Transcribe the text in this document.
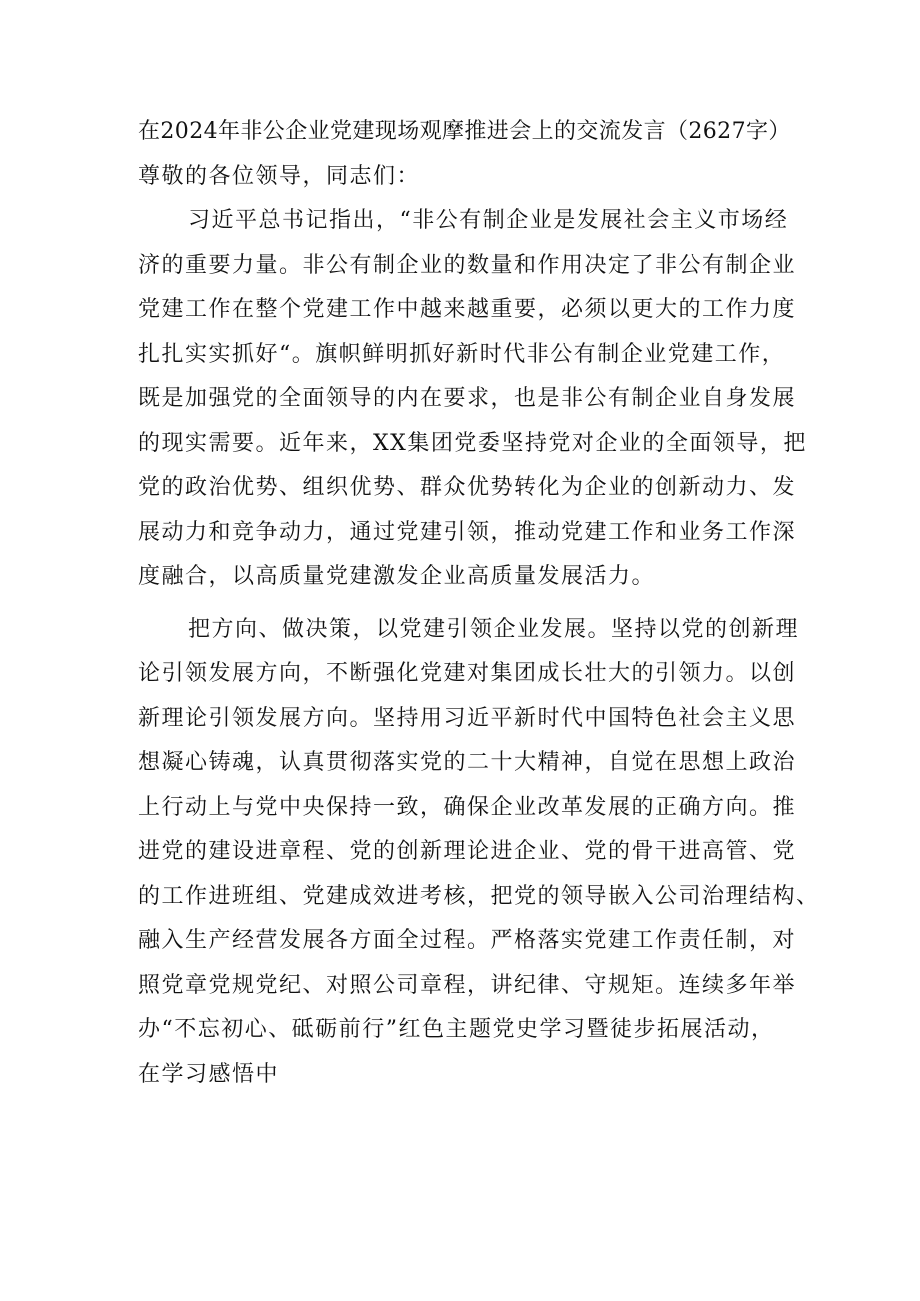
在2024年非公企业党建现场观摩推进会上的交流发言（2627字）

尊敬的各位领导，同志们：

习近平总书记指出，“非公有制企业是发展社会主义市场经

济的重要力量。非公有制企业的数量和作用决定了非公有制企业

党建工作在整个党建工作中越来越重要，必须以更大的工作力度

扎扎实实抓好“。旗帜鲜明抓好新时代非公有制企业党建工作，

既是加强党的全面领导的内在要求，也是非公有制企业自身发展

的现实需要。近年来，XX集团党委坚持党对企业的全面领导，把

党的政治优势、组织优势、群众优势转化为企业的创新动力、发

展动力和竞争动力，通过党建引领，推动党建工作和业务工作深

度融合，以高质量党建激发企业高质量发展活力。

把方向、做决策，以党建引领企业发展。坚持以党的创新理

论引领发展方向，不断强化党建对集团成长壮大的引领力。以创

新理论引领发展方向。坚持用习近平新时代中国特色社会主义思

想凝心铸魂，认真贯彻落实党的二十大精神，自觉在思想上政治

上行动上与党中央保持一致，确保企业改革发展的正确方向。推

进党的建设进章程、党的创新理论进企业、党的骨干进高管、党

的工作进班组、党建成效进考核，把党的领导嵌入公司治理结构、

融入生产经营发展各方面全过程。严格落实党建工作责任制，对

照党章党规党纪、对照公司章程，讲纪律、守规矩。连续多年举

办“不忘初心、砥砺前行”红色主题党史学习暨徒步拓展活动，

在学习感悟中
